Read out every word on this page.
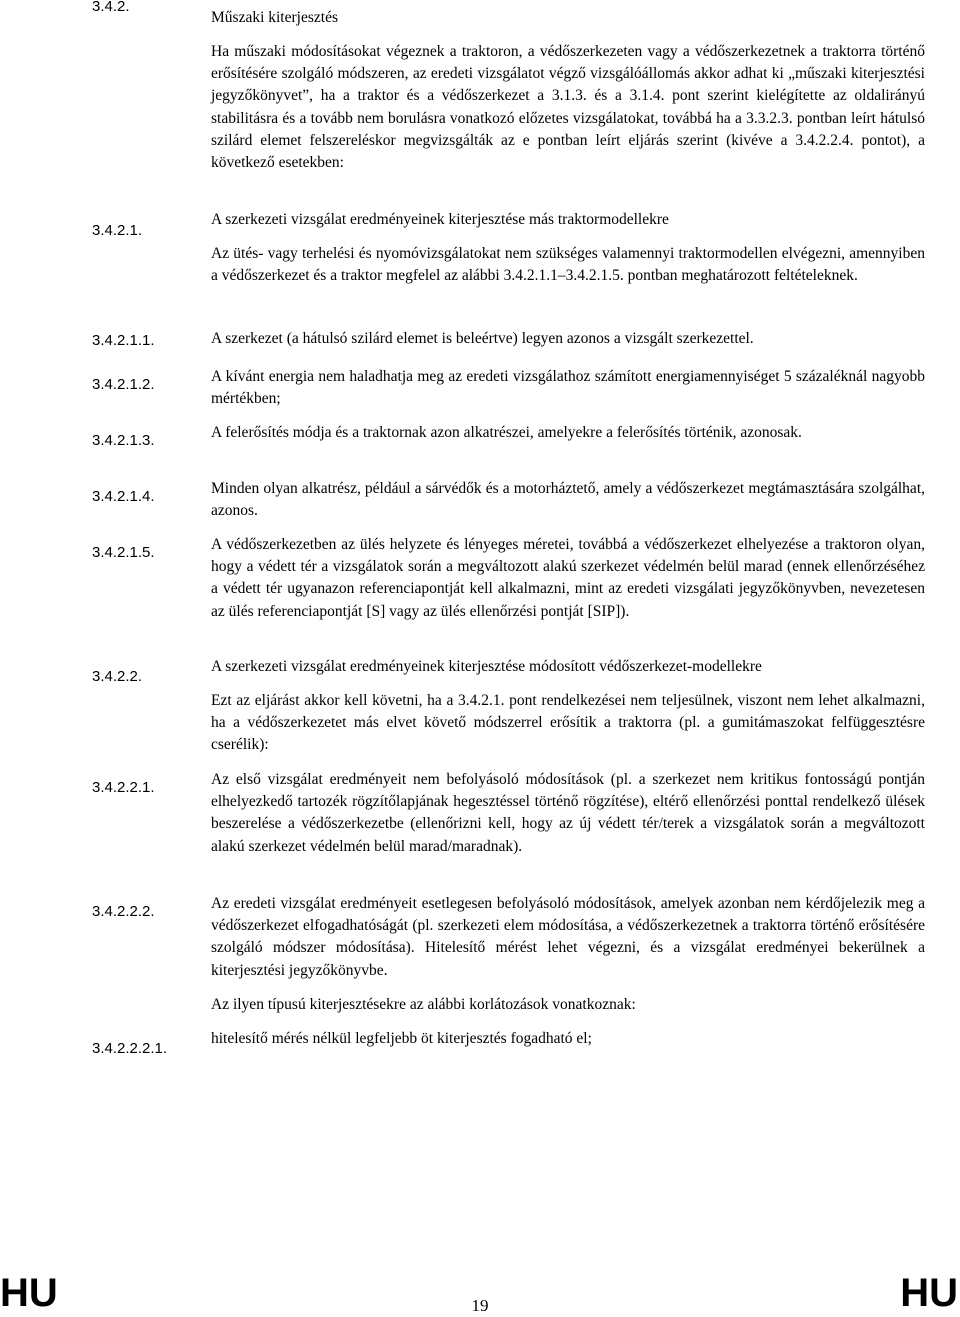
3.4.2.
3.4.2.1.
3.4.2.1.1.
3.4.2.1.2.
3.4.2.1.3.
3.4.2.1.4.
3.4.2.1.5.
3.4.2.2.
3.4.2.2.1.
3.4.2.2.2.
3.4.2.2.2.1.
Műszaki kiterjesztés
Ha műszaki módosításokat végeznek a traktoron, a védőszerkezeten vagy a védőszerkezetnek a traktorra történő erősítésére szolgáló módszeren, az eredeti vizsgálatot végző vizsgálóállomás akkor adhat ki „műszaki kiterjesztési jegyzőkönyvet”, ha a traktor és a védőszerkezet a 3.1.3. és a 3.1.4. pont szerint kielégítette az oldalirányú stabilitásra és a tovább nem borulásra vonatkozó előzetes vizsgálatokat, továbbá ha a 3.3.2.3. pontban leírt hátulsó szilárd elemet felszereléskor megvizsgálták az e pontban leírt eljárás szerint (kivéve a 3.4.2.2.4. pontot), a következő esetekben:
A szerkezeti vizsgálat eredményeinek kiterjesztése más traktormodellekre
Az ütés- vagy terhelési és nyomóvizsgálatokat nem szükséges valamennyi traktormodellen elvégezni, amennyiben a védőszerkezet és a traktor megfelel az alábbi 3.4.2.1.1–3.4.2.1.5. pontban meghatározott feltételeknek.
A szerkezet (a hátulsó szilárd elemet is beleértve) legyen azonos a vizsgált szerkezettel.
A kívánt energia nem haladhatja meg az eredeti vizsgálathoz számított energiamennyiséget 5 százaléknál nagyobb mértékben;
A felerősítés módja és a traktornak azon alkatrészei, amelyekre a felerősítés történik, azonosak.
Minden olyan alkatrész, például a sárvédők és a motorháztető, amely a védőszerkezet megtámasztására szolgálhat, azonos.
A védőszerkezetben az ülés helyzete és lényeges méretei, továbbá a védőszerkezet elhelyezése a traktoron olyan, hogy a védett tér a vizsgálatok során a megváltozott alakú szerkezet védelmén belül marad (ennek ellenőrzéséhez a védett tér ugyanazon referenciapontját kell alkalmazni, mint az eredeti vizsgálati jegyzőkönyvben, nevezetesen az ülés referenciapontját [S] vagy az ülés ellenőrzési pontját [SIP]).
A szerkezeti vizsgálat eredményeinek kiterjesztése módosított védőszerkezet-modellekre
Ezt az eljárást akkor kell követni, ha a 3.4.2.1. pont rendelkezései nem teljesülnek, viszont nem lehet alkalmazni, ha a védőszerkezetet más elvet követő módszerrel erősítik a traktorra (pl. a gumitámaszokat felfüggesztésre cserélik):
Az első vizsgálat eredményeit nem befolyásoló módosítások (pl. a szerkezet nem kritikus fontosságú pontján elhelyezkedő tartozék rögzítőlapjának hegesztéssel történő rögzítése), eltérő ellenőrzési ponttal rendelkező ülések beszerelése a védőszerkezetbe (ellenőrizni kell, hogy az új védett tér/terek a vizsgálatok során a megváltozott alakú szerkezet védelmén belül marad/maradnak).
Az eredeti vizsgálat eredményeit esetlegesen befolyásoló módosítások, amelyek azonban nem kérdőjelezik meg a védőszerkezet elfogadhatóságát (pl. szerkezeti elem módosítása, a védőszerkezetnek a traktorra történő erősítésére szolgáló módszer módosítása). Hitelesítő mérést lehet végezni, és a vizsgálat eredményei bekerülnek a kiterjesztési jegyzőkönyvbe.
Az ilyen típusú kiterjesztésekre az alábbi korlátozások vonatkoznak:
hitelesítő mérés nélkül legfeljebb öt kiterjesztés fogadható el;
HU	19	HU
